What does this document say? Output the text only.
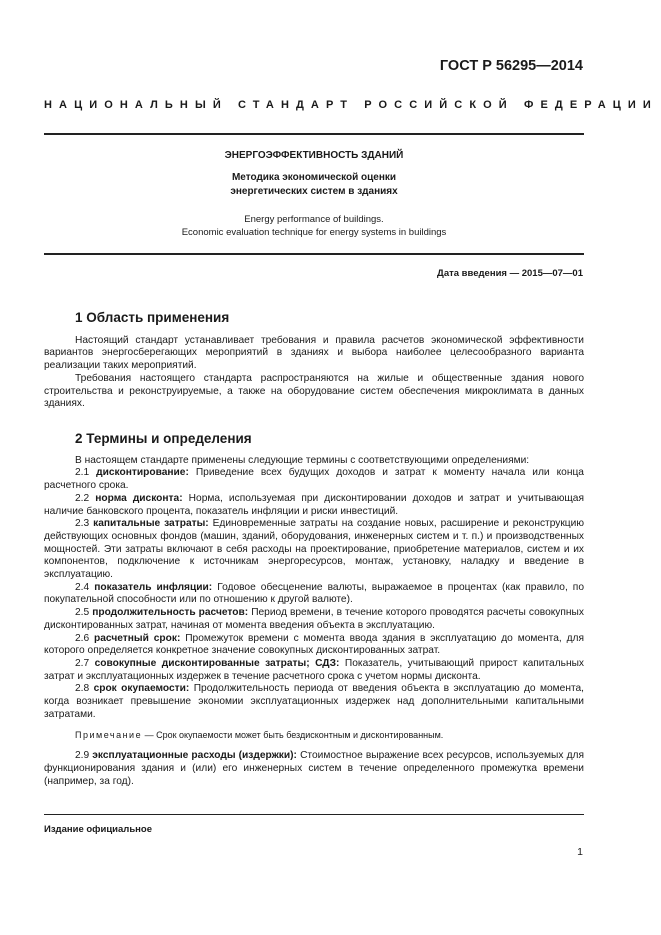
ГОСТ Р 56295—2014
НАЦИОНАЛЬНЫЙ СТАНДАРТ РОССИЙСКОЙ ФЕДЕРАЦИИ
ЭНЕРГОЭФФЕКТИВНОСТЬ ЗДАНИЙ
Методика экономической оценки
энергетических систем в зданиях
Energy performance of buildings.
Economic evaluation technique for energy systems in buildings
Дата введения — 2015—07—01
1 Область применения

Настоящий стандарт устанавливает требования и правила расчетов экономической эффективности вариантов энергосберегающих мероприятий в зданиях и выбора наиболее целесообразного варианта реализации таких мероприятий.

Требования настоящего стандарта распространяются на жилые и общественные здания нового строительства и реконструируемые, а также на оборудование систем обеспечения микроклимата в данных зданиях.

2 Термины и определения

В настоящем стандарте применены следующие термины с соответствующими определениями:

2.1 дисконтирование: Приведение всех будущих доходов и затрат к моменту начала или конца расчетного срока.

2.2 норма дисконта: Норма, используемая при дисконтировании доходов и затрат и учитывающая наличие банковского процента, показатель инфляции и риски инвестиций.

2.3 капитальные затраты: Единовременные затраты на создание новых, расширение и реконструкцию действующих основных фондов (машин, зданий, оборудования, инженерных систем и т. п.) и производственных мощностей. Эти затраты включают в себя расходы на проектирование, приобретение материалов, систем и их компонентов, подключение к источникам энергоресурсов, монтаж, установку, наладку и введение в эксплуатацию.

2.4 показатель инфляции: Годовое обесценение валюты, выражаемое в процентах (как правило, по покупательной способности или по отношению к другой валюте).

2.5 продолжительность расчетов: Период времени, в течение которого проводятся расчеты совокупных дисконтированных затрат, начиная от момента введения объекта в эксплуатацию.

2.6 расчетный срок: Промежуток времени с момента ввода здания в эксплуатацию до момента, для которого определяется конкретное значение совокупных дисконтированных затрат.

2.7 совокупные дисконтированные затраты; СДЗ: Показатель, учитывающий прирост капитальных затрат и эксплуатационных издержек в течение расчетного срока с учетом нормы дисконта.

2.8 срок окупаемости: Продолжительность периода от введения объекта в эксплуатацию до момента, когда возникает превышение экономии эксплуатационных издержек над дополнительными капитальными затратами.

Примечание — Срок окупаемости может быть бездисконтным и дисконтированным.

2.9 эксплуатационные расходы (издержки): Стоимостное выражение всех ресурсов, используемых для функционирования здания и (или) его инженерных систем в течение определенного промежутка времени (например, за год).

Издание официальное
1
